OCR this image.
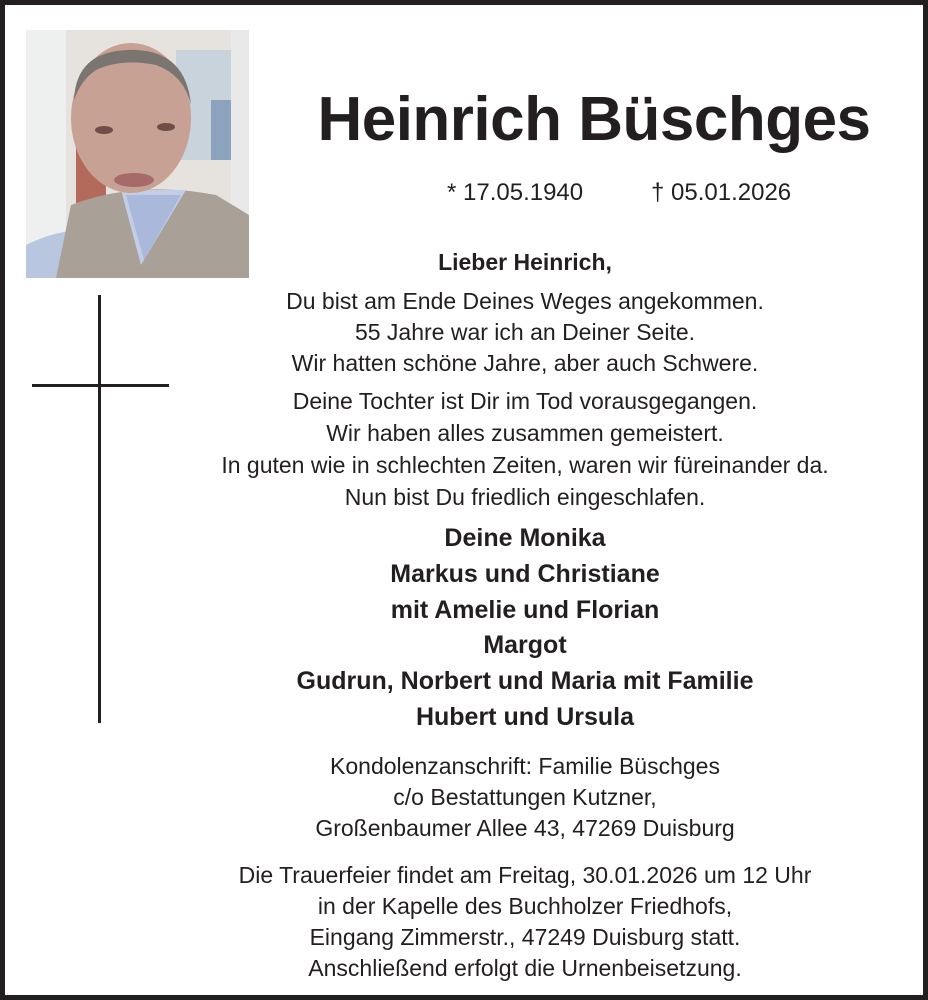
Heinrich Büschges
* 17.05.1940	† 05.01.2026
Lieber Heinrich,
Du bist am Ende Deines Weges angekommen.
55 Jahre war ich an Deiner Seite.
Wir hatten schöne Jahre, aber auch Schwere.
Deine Tochter ist Dir im Tod vorausgegangen.
Wir haben alles zusammen gemeistert.
In guten wie in schlechten Zeiten, waren wir füreinander da.
Nun bist Du friedlich eingeschlafen.
Deine Monika
Markus und Christiane
mit Amelie und Florian
Margot
Gudrun, Norbert und Maria mit Familie
Hubert und Ursula
Kondolenzanschrift: Familie Büschges
c/o Bestattungen Kutzner,
Großenbaumer Allee 43, 47269 Duisburg
Die Trauerfeier findet am Freitag, 30.01.2026 um 12 Uhr
in der Kapelle des Buchholzer Friedhofs,
Eingang Zimmerstr., 47249 Duisburg statt.
Anschließend erfolgt die Urnenbeisetzung.
